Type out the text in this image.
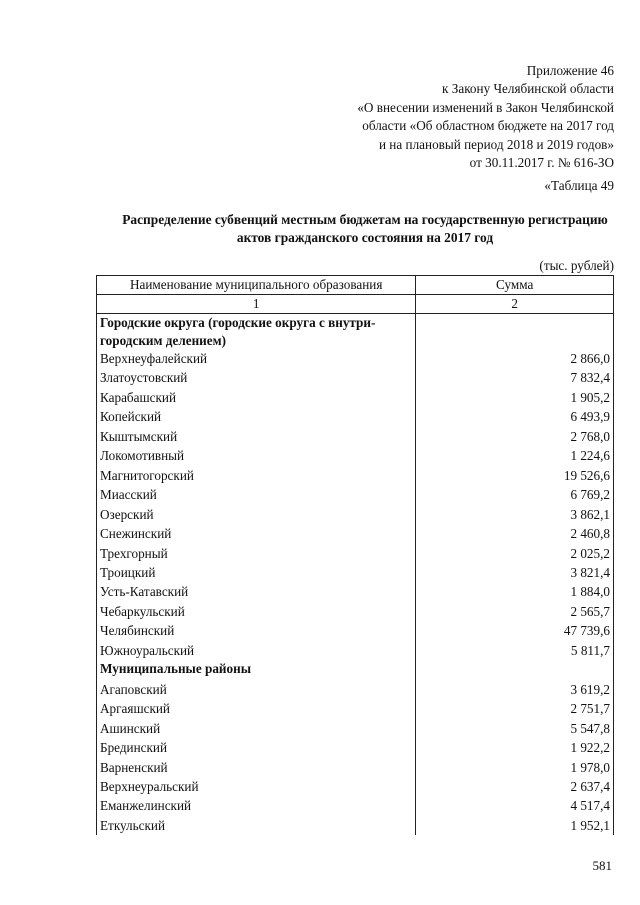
Приложение 46
к Закону Челябинской области
«О внесении изменений в Закон Челябинской
области «Об областном бюджете на 2017 год
и на плановый период 2018 и 2019 годов»
от 30.11.2017 г. № 616-ЗО
«Таблица 49
Распределение субвенций местным бюджетам на государственную регистрацию
актов гражданского состояния на 2017 год
(тыс. рублей)
Наименование муниципального образования	Сумма
1	2

Городские округа (городские округа с внутри-
городским делением)	

Верхнеуфалейский	2 866,0
Златоустовский	7 832,4
Карабашский	1 905,2
Копейский	6 493,9
Кыштымский	2 768,0
Локомотивный	1 224,6
Магнитогорский	19 526,6
Миасский	6 769,2
Озерский	3 862,1
Снежинский	2 460,8
Трехгорный	2 025,2
Троицкий	3 821,4
Усть-Катавский	1 884,0
Чебаркульский	2 565,7
Челябинский	47 739,6
Южноуральский	5 811,7
Муниципальные районы	
Агаповский	3 619,2
Аргаяшский	2 751,7
Ашинский	5 547,8
Брединский	1 922,2
Варненский	1 978,0
Верхнеуральский	2 637,4
Еманжелинский	4 517,4
Еткульский	1 952,1
581
